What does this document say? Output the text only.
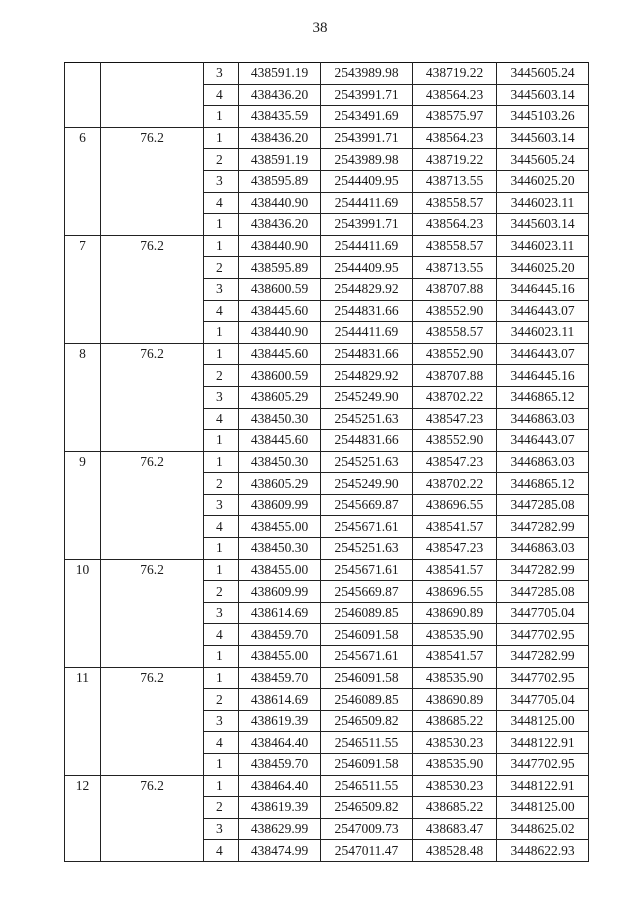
38
		3	438591.19	2543989.98	438719.22	3445605.24
		4	438436.20	2543991.71	438564.23	3445603.14
		1	438435.59	2543491.69	438575.97	3445103.26
6	76.2	1	438436.20	2543991.71	438564.23	3445603.14
		2	438591.19	2543989.98	438719.22	3445605.24
		3	438595.89	2544409.95	438713.55	3446025.20
		4	438440.90	2544411.69	438558.57	3446023.11
		1	438436.20	2543991.71	438564.23	3445603.14
7	76.2	1	438440.90	2544411.69	438558.57	3446023.11
		2	438595.89	2544409.95	438713.55	3446025.20
		3	438600.59	2544829.92	438707.88	3446445.16
		4	438445.60	2544831.66	438552.90	3446443.07
		1	438440.90	2544411.69	438558.57	3446023.11
8	76.2	1	438445.60	2544831.66	438552.90	3446443.07
		2	438600.59	2544829.92	438707.88	3446445.16
		3	438605.29	2545249.90	438702.22	3446865.12
		4	438450.30	2545251.63	438547.23	3446863.03
		1	438445.60	2544831.66	438552.90	3446443.07
9	76.2	1	438450.30	2545251.63	438547.23	3446863.03
		2	438605.29	2545249.90	438702.22	3446865.12
		3	438609.99	2545669.87	438696.55	3447285.08
		4	438455.00	2545671.61	438541.57	3447282.99
		1	438450.30	2545251.63	438547.23	3446863.03
10	76.2	1	438455.00	2545671.61	438541.57	3447282.99
		2	438609.99	2545669.87	438696.55	3447285.08
		3	438614.69	2546089.85	438690.89	3447705.04
		4	438459.70	2546091.58	438535.90	3447702.95
		1	438455.00	2545671.61	438541.57	3447282.99
11	76.2	1	438459.70	2546091.58	438535.90	3447702.95
		2	438614.69	2546089.85	438690.89	3447705.04
		3	438619.39	2546509.82	438685.22	3448125.00
		4	438464.40	2546511.55	438530.23	3448122.91
		1	438459.70	2546091.58	438535.90	3447702.95
12	76.2	1	438464.40	2546511.55	438530.23	3448122.91
		2	438619.39	2546509.82	438685.22	3448125.00
		3	438629.99	2547009.73	438683.47	3448625.02
		4	438474.99	2547011.47	438528.48	3448622.93
